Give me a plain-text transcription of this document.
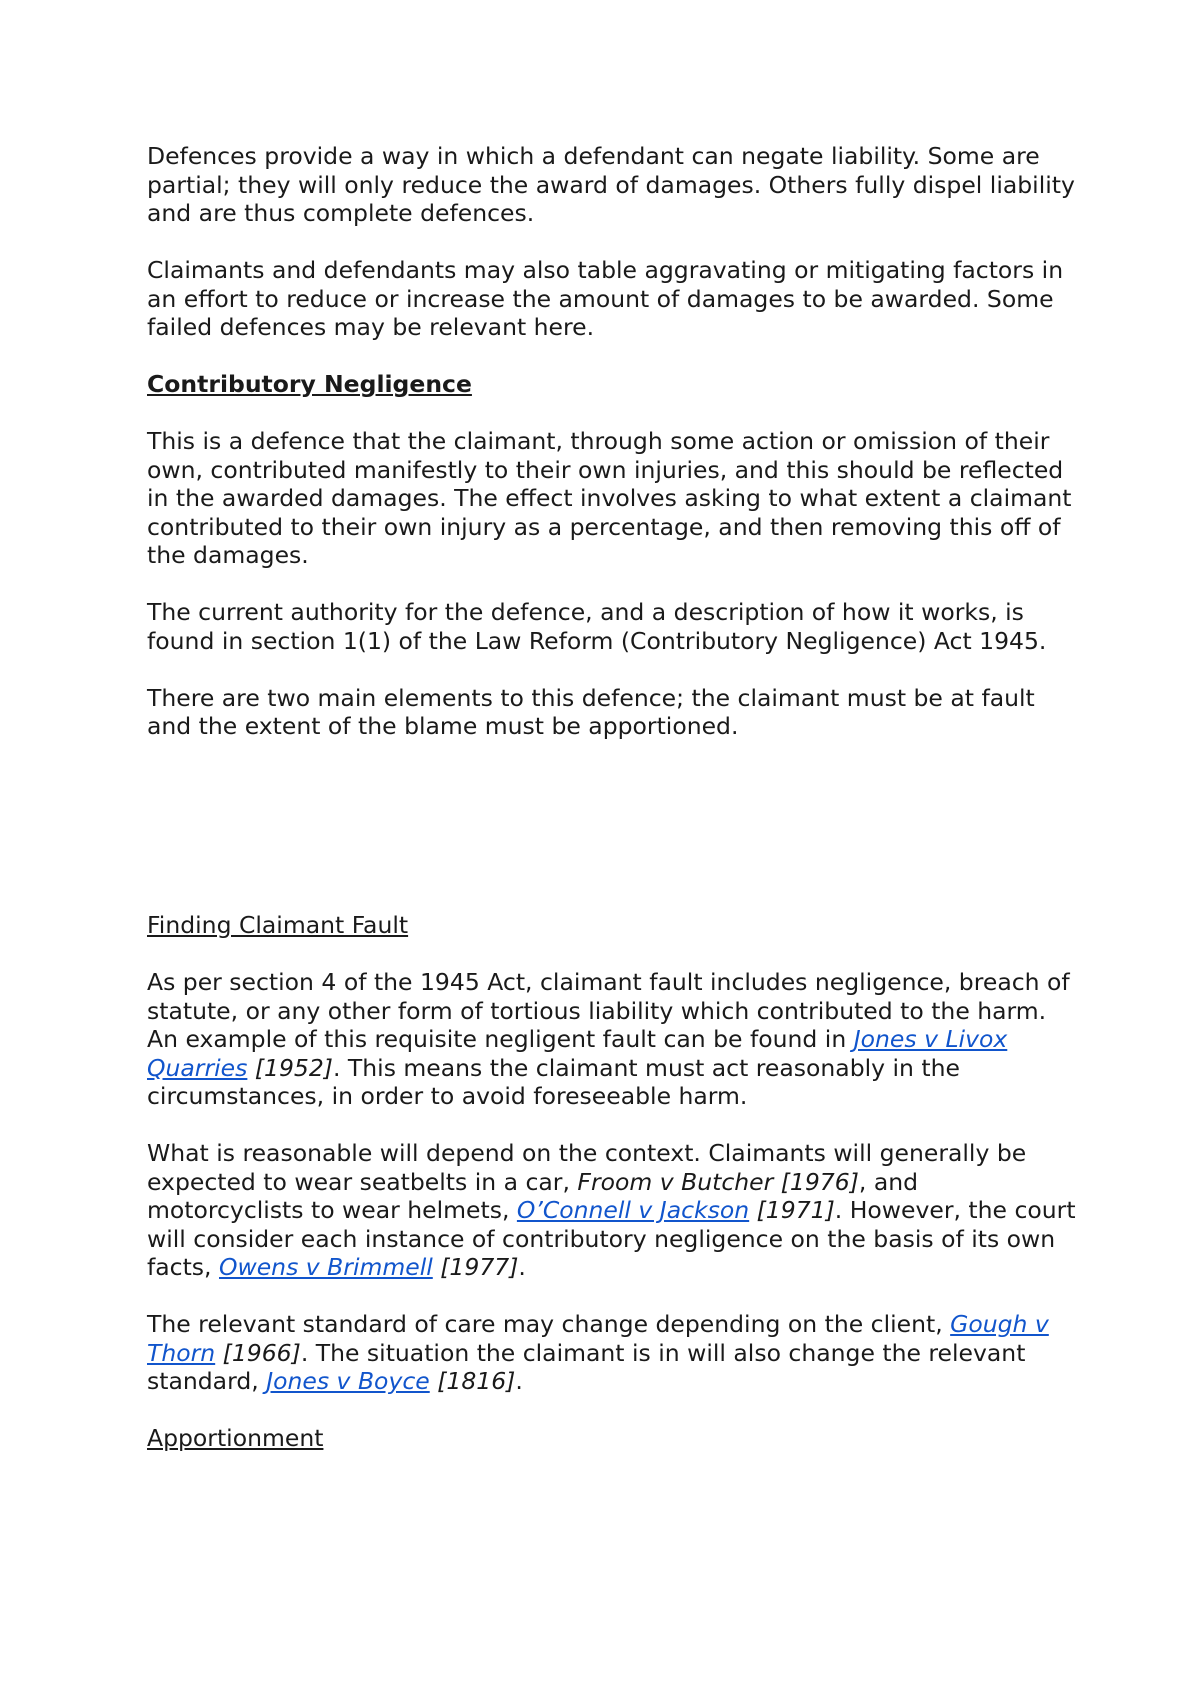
Defences provide a way in which a defendant can negate liability. Some are partial; they will only reduce the award of damages. Others fully dispel liability and are thus complete defences.

Claimants and defendants may also table aggravating or mitigating factors in an effort to reduce or increase the amount of damages to be awarded. Some failed defences may be relevant here.

Contributory Negligence

This is a defence that the claimant, through some action or omission of their own, contributed manifestly to their own injuries, and this should be reflected in the awarded damages. The effect involves asking to what extent a claimant contributed to their own injury as a percentage, and then removing this off of the damages.

The current authority for the defence, and a description of how it works, is found in section 1(1) of the Law Reform (Contributory Negligence) Act 1945.

There are two main elements to this defence; the claimant must be at fault and the extent of the blame must be apportioned.

Finding Claimant Fault

As per section 4 of the 1945 Act, claimant fault includes negligence, breach of statute, or any other form of tortious liability which contributed to the harm. An example of this requisite negligent fault can be found in Jones v Livox Quarries [1952]. This means the claimant must act reasonably in the circumstances, in order to avoid foreseeable harm.

What is reasonable will depend on the context. Claimants will generally be expected to wear seatbelts in a car, Froom v Butcher [1976], and motorcyclists to wear helmets, O’Connell v Jackson [1971]. However, the court will consider each instance of contributory negligence on the basis of its own facts, Owens v Brimmell [1977].

The relevant standard of care may change depending on the client, Gough v Thorn [1966]. The situation the claimant is in will also change the relevant standard, Jones v Boyce [1816].

Apportionment
